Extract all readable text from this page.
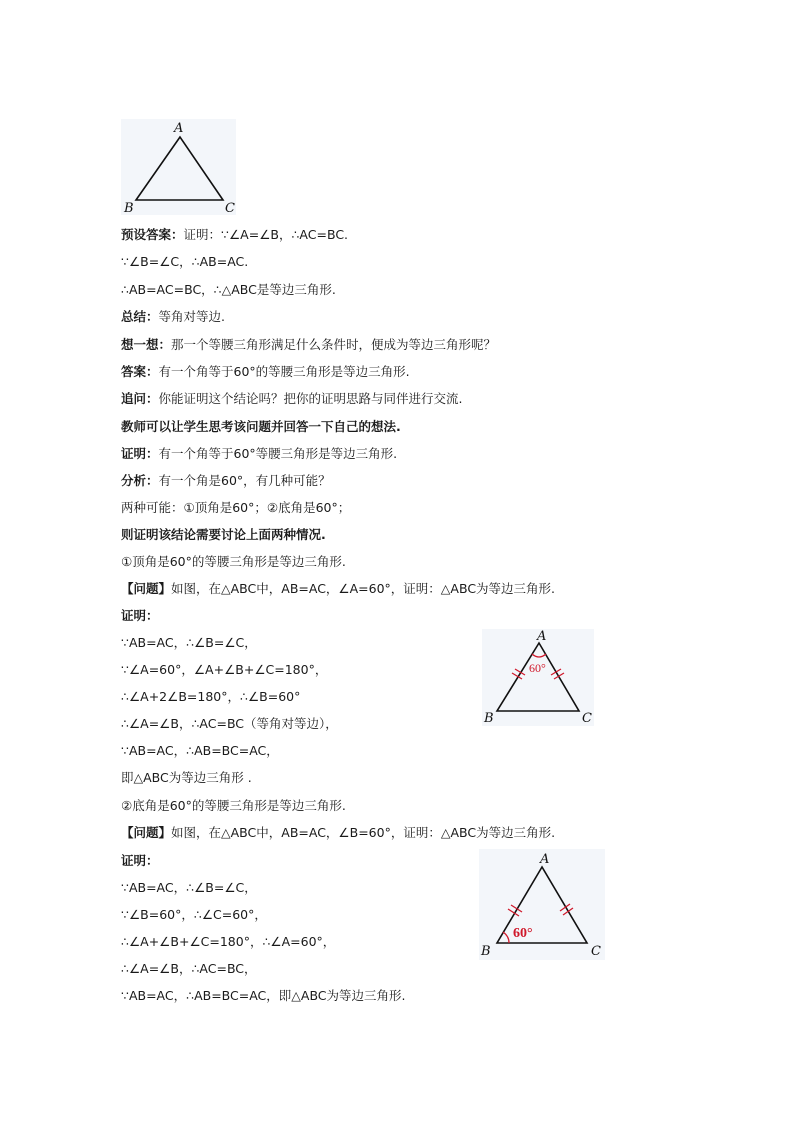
A
B	C
60°
A
B	C
60°
A
B	C
预设答案：证明：∵∠A=∠B，∴AC=BC.
∵∠B=∠C，∴AB=AC.
∴AB=AC=BC，∴△ABC是等边三角形.
总结：等角对等边.
想一想：那一个等腰三角形满足什么条件时，便成为等边三角形呢？
答案：有一个角等于60°的等腰三角形是等边三角形.
追问：你能证明这个结论吗？把你的证明思路与同伴进行交流.
教师可以让学生思考该问题并回答一下自己的想法.
证明：有一个角等于60°等腰三角形是等边三角形.
分析：有一个角是60°，有几种可能？
两种可能：①顶角是60°；②底角是60°；
则证明该结论需要讨论上面两种情况.
①顶角是60°的等腰三角形是等边三角形.
【问题】如图，在△ABC中，AB=AC，∠A=60°，证明：△ABC为等边三角形.
证明：
∵AB=AC，∴∠B=∠C，
∵∠A=60°，∠A+∠B+∠C=180°，
∴∠A+2∠B=180°，∴∠B=60°
∴∠A=∠B，∴AC=BC（等角对等边），
∵AB=AC，∴AB=BC=AC，
即△ABC为等边三角形 .
②底角是60°的等腰三角形是等边三角形.
【问题】如图，在△ABC中，AB=AC，∠B=60°，证明：△ABC为等边三角形.
证明：
∵AB=AC，∴∠B=∠C，
∵∠B=60°，∴∠C=60°，
∴∠A+∠B+∠C=180°，∴∠A=60°，
∴∠A=∠B，∴AC=BC，
∵AB=AC，∴AB=BC=AC，即△ABC为等边三角形.
